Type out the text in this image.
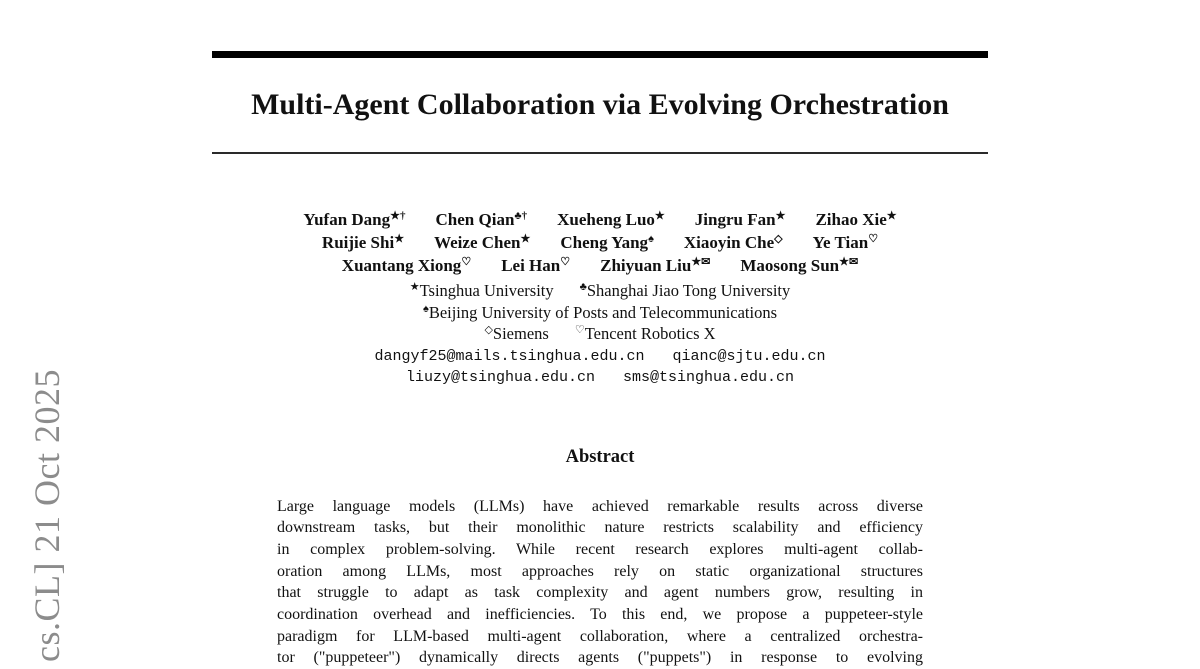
cs.CL] 21 Oct 2025
Multi-Agent Collaboration via Evolving Orchestration
Yufan Dang★† Chen Qian♣† Xueheng Luo★ Jingru Fan★ Zihao Xie★
Ruijie Shi★ Weize Chen★ Cheng Yang♠ Xiaoyin Che◇ Ye Tian♡
Xuantang Xiong♡ Lei Han♡ Zhiyuan Liu★✉ Maosong Sun★✉
★Tsinghua University ♣Shanghai Jiao Tong University
♠Beijing University of Posts and Telecommunications
◇Siemens ♡Tencent Robotics X
dangyf25@mails.tsinghua.edu.cn qianc@sjtu.edu.cn
liuzy@tsinghua.edu.cn sms@tsinghua.edu.cn
Abstract
Large language models (LLMs) have achieved remarkable results across diverse
downstream tasks, but their monolithic nature restricts scalability and efficiency
in complex problem-solving. While recent research explores multi-agent collab-
oration among LLMs, most approaches rely on static organizational structures
that struggle to adapt as task complexity and agent numbers grow, resulting in
coordination overhead and inefficiencies. To this end, we propose a puppeteer-style
paradigm for LLM-based multi-agent collaboration, where a centralized orchestra-
tor ("puppeteer") dynamically directs agents ("puppets") in response to evolving
